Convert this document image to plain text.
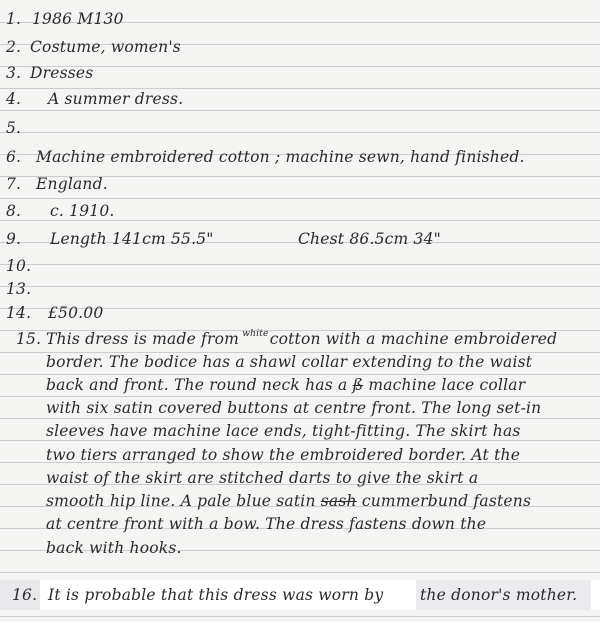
1. 1986 M130
2. Costume, women's
3. Dresses
4. A summer dress.
5.
6. Machine embroidered cotton ; machine sewn, hand finished.
7. England.
8. c. 1910.
9. Length 141cm 55.5"	Chest 86.5cm 34"
10.
13.
14. £50.00
15. This dress is made from $^{white}$ cotton with a machine embroidered
border. The bodice has a shawl collar extending to the waist
back and front. The round neck has a ß machine lace collar
with six satin covered buttons at centre front. The long set-in
sleeves have machine lace ends, tight-fitting. The skirt has
two tiers arranged to show the embroidered border. At the
waist of the skirt are stitched darts to give the skirt a
smooth hip line. A pale blue satin sash cummerbund fastens
at centre front with a bow. The dress fastens down the
back with hooks.
16. It is probable that this dress was worn by the donor's mother.
